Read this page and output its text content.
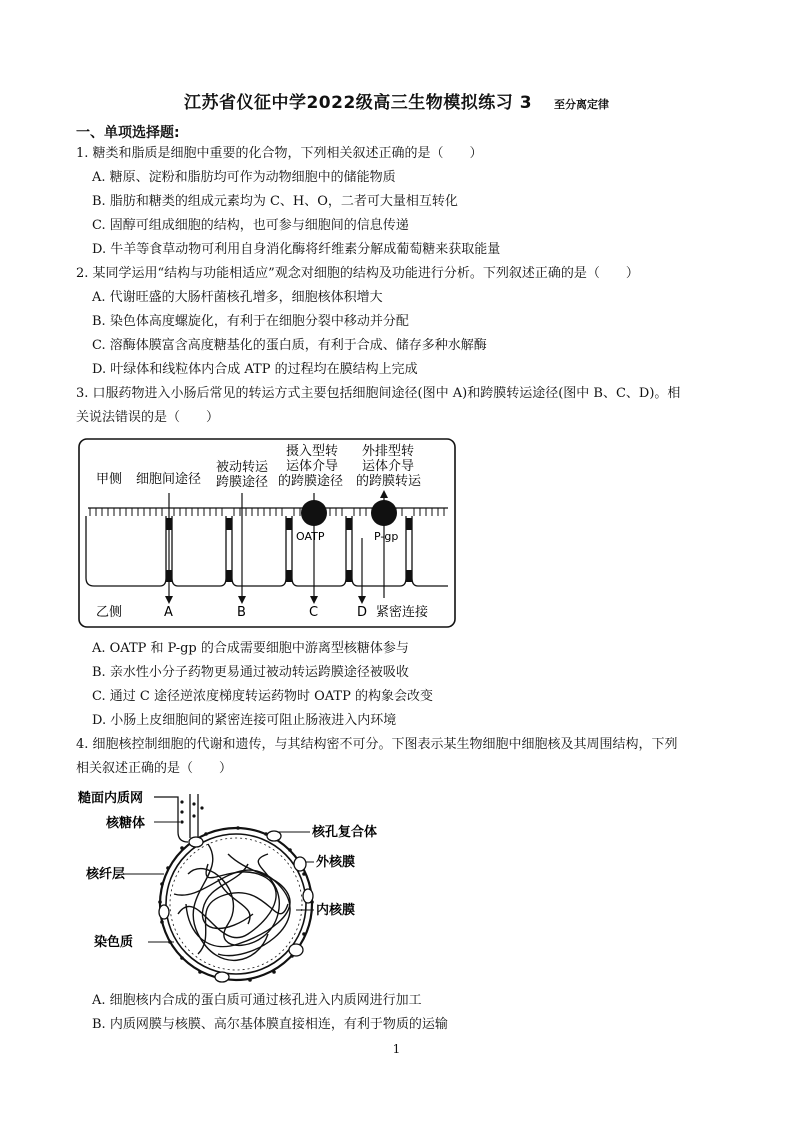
江苏省仪征中学2022级高三生物模拟练习 3 至分离定律
一、单项选择题:
1. 糖类和脂质是细胞中重要的化合物，下列相关叙述正确的是（　　）
A. 糖原、淀粉和脂肪均可作为动物细胞中的储能物质
B. 脂肪和糖类的组成元素均为 C、H、O，二者可大量相互转化
C. 固醇可组成细胞的结构，也可参与细胞间的信息传递
D. 牛羊等食草动物可利用自身消化酶将纤维素分解成葡萄糖来获取能量
2. 某同学运用“结构与功能相适应”观念对细胞的结构及功能进行分析。下列叙述正确的是（　　）
A. 代谢旺盛的大肠杆菌核孔增多，细胞核体积增大
B. 染色体高度螺旋化，有利于在细胞分裂中移动并分配
C. 溶酶体膜富含高度糖基化的蛋白质，有利于合成、储存多种水解酶
D. 叶绿体和线粒体内合成 ATP 的过程均在膜结构上完成
3. 口服药物进入小肠后常见的转运方式主要包括细胞间途径(图中 A)和跨膜转运途径(图中 B、C、D)。相
关说法错误的是（　　）
甲侧 细胞间途径
被动转运
跨膜途径
摄入型转
运体介导
的跨膜途径
外排型转
运体介导
的跨膜转运
OATP	P-gp
乙侧	A	B	C	D 紧密连接
A. OATP 和 P-gp 的合成需要细胞中游离型核糖体参与
B. 亲水性小分子药物更易通过被动转运跨膜途径被吸收
C. 通过 C 途径逆浓度梯度转运药物时 OATP 的构象会改变
D. 小肠上皮细胞间的紧密连接可阻止肠液进入内环境
4. 细胞核控制细胞的代谢和遗传，与其结构密不可分。下图表示某生物细胞中细胞核及其周围结构，下列
相关叙述正确的是（　　）
糙面内质网
核糖体
核纤层
染色质
核孔复合体
外核膜
内核膜
A. 细胞核内合成的蛋白质可通过核孔进入内质网进行加工
B. 内质网膜与核膜、高尔基体膜直接相连，有利于物质的运输
1
